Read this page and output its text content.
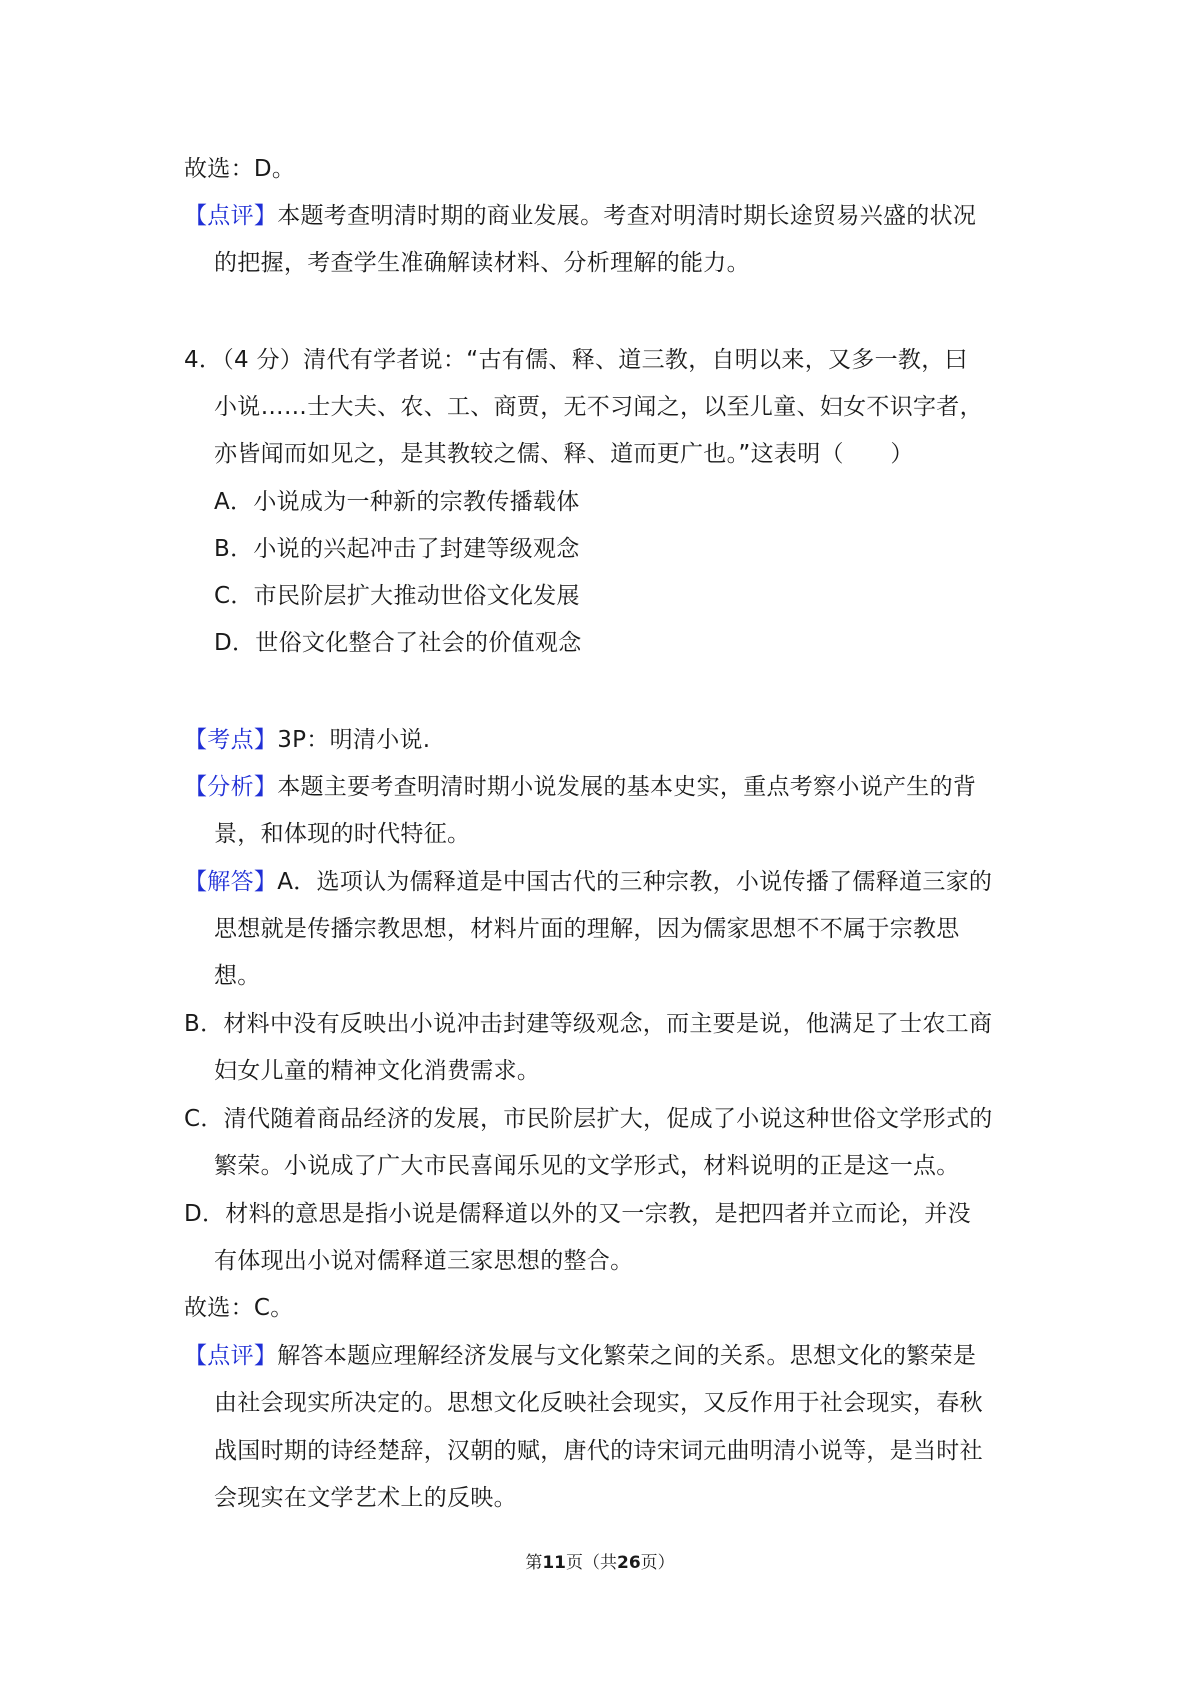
故选：D。
【点评】本题考查明清时期的商业发展。考查对明清时期长途贸易兴盛的状况
的把握，考查学生准确解读材料、分析理解的能力。
4．（4 分）清代有学者说：“古有儒、释、道三教，自明以来，又多一教，曰
小说……士大夫、农、工、商贾，无不习闻之，以至儿童、妇女不识字者，
亦皆闻而如见之，是其教较之儒、释、道而更广也。”这表明（　　）
A．小说成为一种新的宗教传播载体
B．小说的兴起冲击了封建等级观念
C．市民阶层扩大推动世俗文化发展
D．世俗文化整合了社会的价值观念
【考点】3P：明清小说.
【分析】本题主要考查明清时期小说发展的基本史实，重点考察小说产生的背
景，和体现的时代特征。
【解答】A．选项认为儒释道是中国古代的三种宗教，小说传播了儒释道三家的
思想就是传播宗教思想，材料片面的理解，因为儒家思想不不属于宗教思
想。
B．材料中没有反映出小说冲击封建等级观念，而主要是说，他满足了士农工商
妇女儿童的精神文化消费需求。
C．清代随着商品经济的发展，市民阶层扩大，促成了小说这种世俗文学形式的
繁荣。小说成了广大市民喜闻乐见的文学形式，材料说明的正是这一点。
D．材料的意思是指小说是儒释道以外的又一宗教，是把四者并立而论，并没
有体现出小说对儒释道三家思想的整合。
故选：C。
【点评】解答本题应理解经济发展与文化繁荣之间的关系。思想文化的繁荣是
由社会现实所决定的。思想文化反映社会现实，又反作用于社会现实，春秋
战国时期的诗经楚辞，汉朝的赋，唐代的诗宋词元曲明清小说等，是当时社
会现实在文学艺术上的反映。
第11页（共26页）
